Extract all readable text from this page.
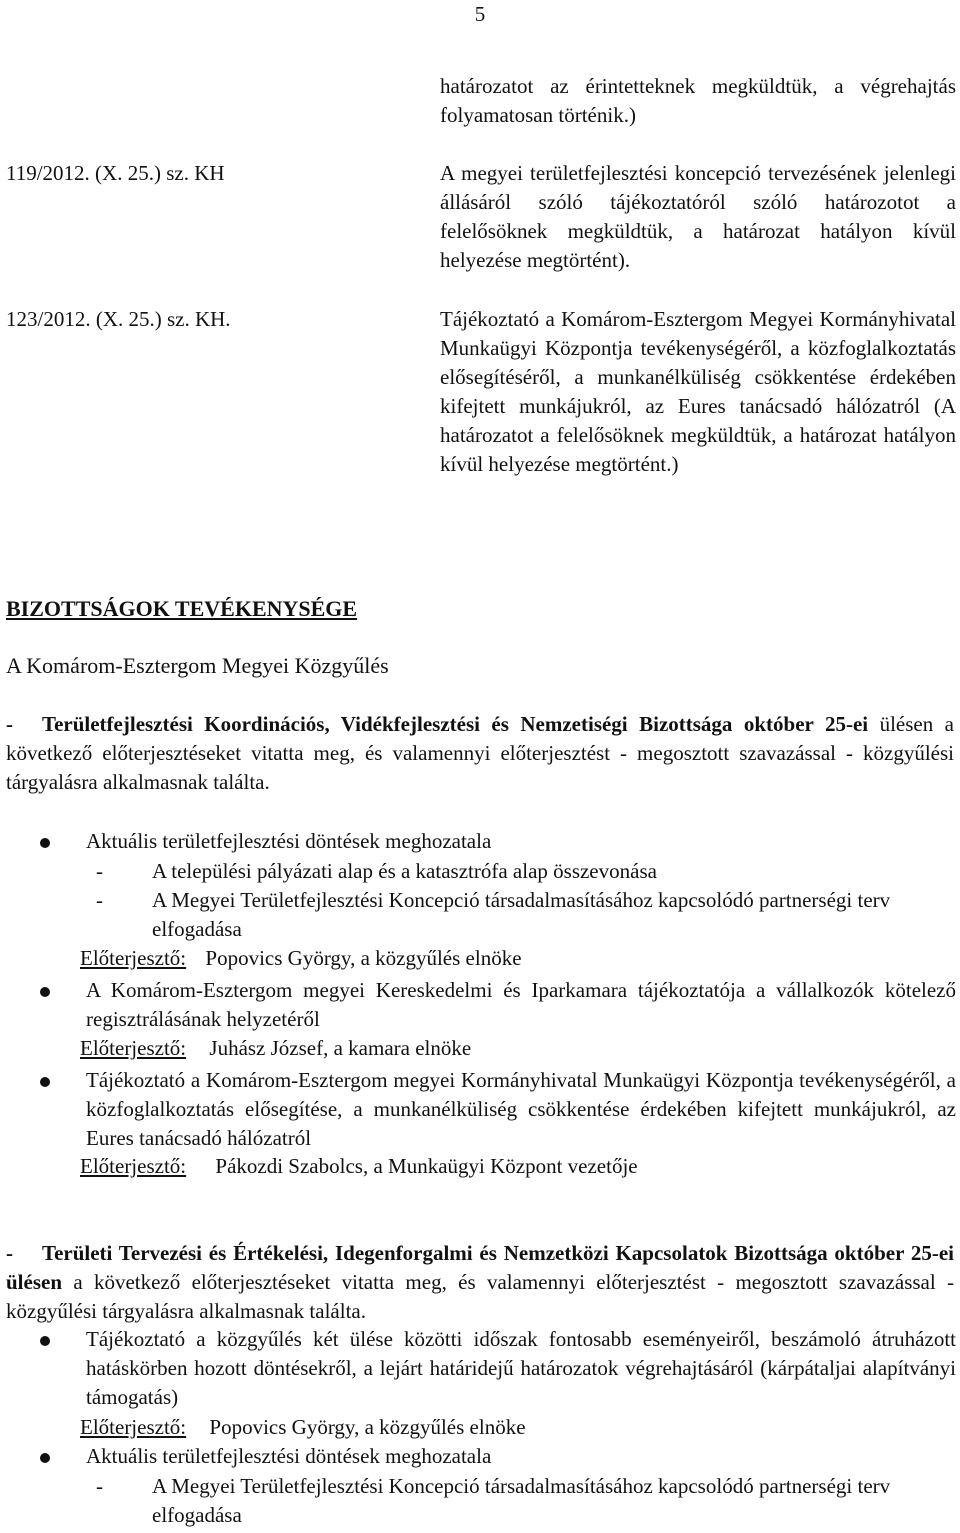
5
határozatot az érintetteknek megküldtük, a végrehajtás folyamatosan történik.)
119/2012. (X. 25.) sz. KH	A megyei területfejlesztési koncepció tervezésének jelenlegi állásáról szóló tájékoztatóról szóló határozotot a felelősöknek megküldtük, a határozat hatályon kívül helyezése megtörtént).
123/2012. (X. 25.) sz. KH.	Tájékoztató a Komárom-Esztergom Megyei Kormányhivatal Munkaügyi Központja tevékenységéről, a közfoglalkoztatás elősegítéséről, a munkanélküliség csökkentése érdekében kifejtett munkájukról, az Eures tanácsadó hálózatról (A határozatot a felelősöknek megküldtük, a határozat hatályon kívül helyezése megtörtént.)
BIZOTTSÁGOK TEVÉKENYSÉGE
A Komárom-Esztergom Megyei Közgyűlés
- Területfejlesztési Koordinációs, Vidékfejlesztési és Nemzetiségi Bizottsága október 25-ei ülésen a következő előterjesztéseket vitatta meg, és valamennyi előterjesztést - megosztott szavazással - közgyűlési tárgyalásra alkalmasnak találta.
Aktuális területfejlesztési döntések meghozatala
- A települési pályázati alap és a katasztrófa alap összevonása
- A Megyei Területfejlesztési Koncepció társadalmasításához kapcsolódó partnerségi terv elfogadása
Előterjesztő: Popovics György, a közgyűlés elnöke
A Komárom-Esztergom megyei Kereskedelmi és Iparkamara tájékoztatója a vállalkozók kötelező regisztrálásának helyzetéről
Előterjesztő: Juhász József, a kamara elnöke
Tájékoztató a Komárom-Esztergom megyei Kormányhivatal Munkaügyi Központja tevékenységéről, a közfoglalkoztatás elősegítése, a munkanélküliség csökkentése érdekében kifejtett munkájukról, az Eures tanácsadó hálózatról
Előterjesztő: Pákozdi Szabolcs, a Munkaügyi Központ vezetője
- Területi Tervezési és Értékelési, Idegenforgalmi és Nemzetközi Kapcsolatok Bizottsága október 25-ei ülésen a következő előterjesztéseket vitatta meg, és valamennyi előterjesztést - megosztott szavazással - közgyűlési tárgyalásra alkalmasnak találta.
Tájékoztató a közgyűlés két ülése közötti időszak fontosabb eseményeiről, beszámoló átruházott hatáskörben hozott döntésekről, a lejárt határidejű határozatok végrehajtásáról (kárpátaljai alapítványi támogatás)
Előterjesztő: Popovics György, a közgyűlés elnöke
Aktuális területfejlesztési döntések meghozatala
- A Megyei Területfejlesztési Koncepció társadalmasításához kapcsolódó partnerségi terv elfogadása
